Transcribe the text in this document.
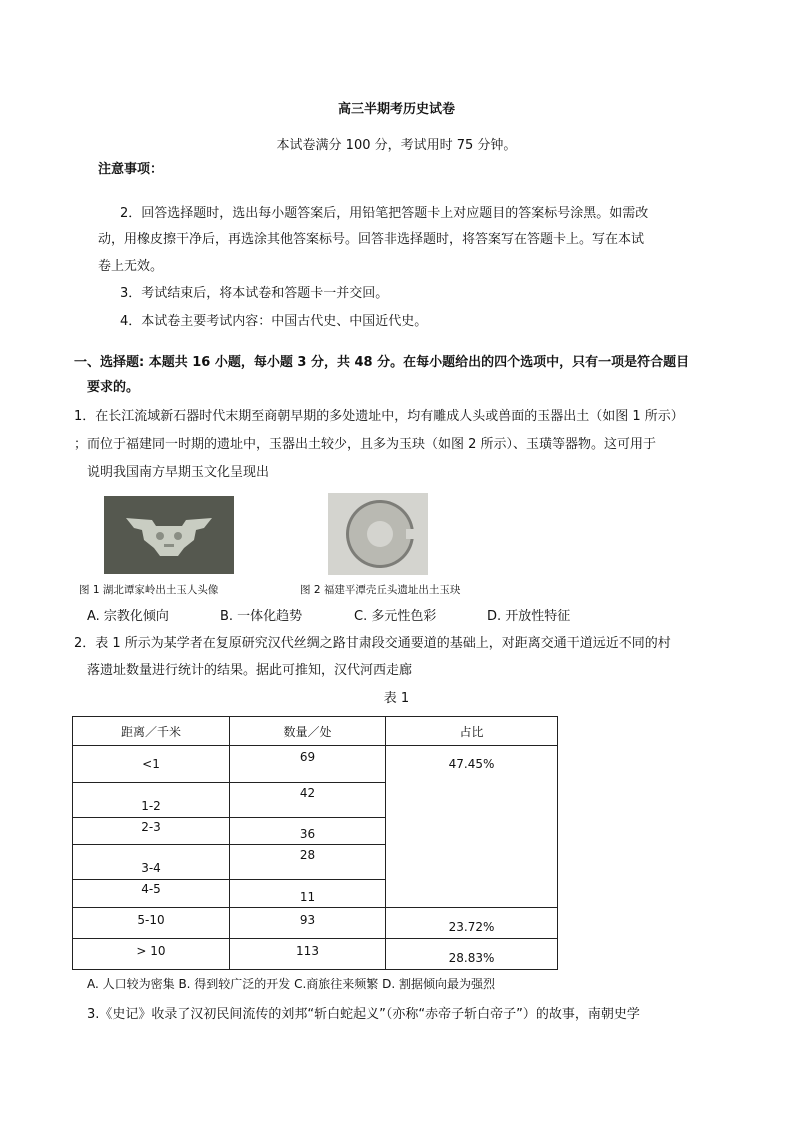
高三半期考历史试卷
本试卷满分 100 分，考试用时 75 分钟。
注意事项：
2．回答选择题时，选出每小题答案后，用铅笔把答题卡上对应题目的答案标号涂黑。如需改
动，用橡皮擦干净后，再选涂其他答案标号。回答非选择题时，将答案写在答题卡上。写在本试
卷上无效。
3．考试结束后，将本试卷和答题卡一并交回。
4．本试卷主要考试内容：中国古代史、中国近代史。
一、选择题: 本题共 16 小题，每小题 3 分，共 48 分。在每小题给出的四个选项中，只有一项是符合题目
要求的。
1．在长江流域新石器时代末期至商朝早期的多处遗址中，均有雕成人头或兽面的玉器出土（如图 1 所示）
；而位于福建同一时期的遗址中，玉器出土较少，且多为玉玦（如图 2 所示）、玉璜等器物。这可用于
说明我国南方早期玉文化呈现出
图 1 湖北谭家岭出土玉人头像	图 2 福建平潭壳丘头遗址出土玉玦
A. 宗教化倾向	B. 一体化趋势	C. 多元性色彩	D. 开放性特征
2．表 1 所示为某学者在复原研究汉代丝绸之路甘肃段交通要道的基础上，对距离交通干道远近不同的村
落遗址数量进行统计的结果。据此可推知，汉代河西走廊
表 1
距离／千米	数量／处	占比
<1	69	47.45%
1-2	42	
2-3	36	
3-4	28	
4-5	11	
5-10	93	23.72%
> 10	113	28.83%
A. 人口较为密集 B. 得到较广泛的开发 C.商旅往来频繁 D. 割据倾向最为强烈
3.《史记》收录了汉初民间流传的刘邦“斩白蛇起义”（亦称“赤帝子斩白帝子”）的故事，南朝史学
